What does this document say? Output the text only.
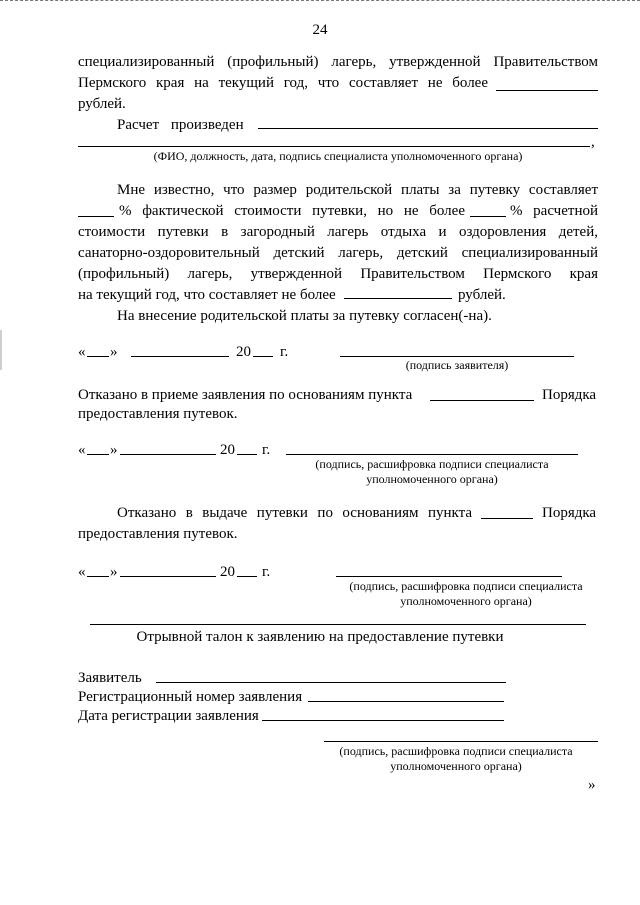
24
специализированный (профильный) лагерь, утвержденной Правительством
Пермского края на текущий год, что составляет не более
рублей.
Расчет произведен
,
(ФИО, должность, дата, подпись специалиста уполномоченного органа)
Мне известно, что размер родительской платы за путевку составляет
% фактической стоимости путевки, но не более	% расчетной
стоимости путевки в загородный лагерь отдыха и оздоровления детей,
санаторно-оздоровительный детский лагерь, детский специализированный
(профильный) лагерь, утвержденной Правительством Пермского края
на текущий год, что составляет не более	рублей.
На внесение родительской платы за путевку согласен(-на).
« »	20 г.
(подпись заявителя)
Отказано в приеме заявления по основаниям пункта	Порядка
предоставления путевок.
« »	20 г.
(подпись, расшифровка подписи специалиста
уполномоченного органа)
Отказано в выдаче путевки по основаниям пункта	Порядка
предоставления путевок.
« »	20 г.
(подпись, расшифровка подписи специалиста
уполномоченного органа)
Отрывной талон к заявлению на предоставление путевки
Заявитель
Регистрационный номер заявления
Дата регистрации заявления
(подпись, расшифровка подписи специалиста
уполномоченного органа)
»
